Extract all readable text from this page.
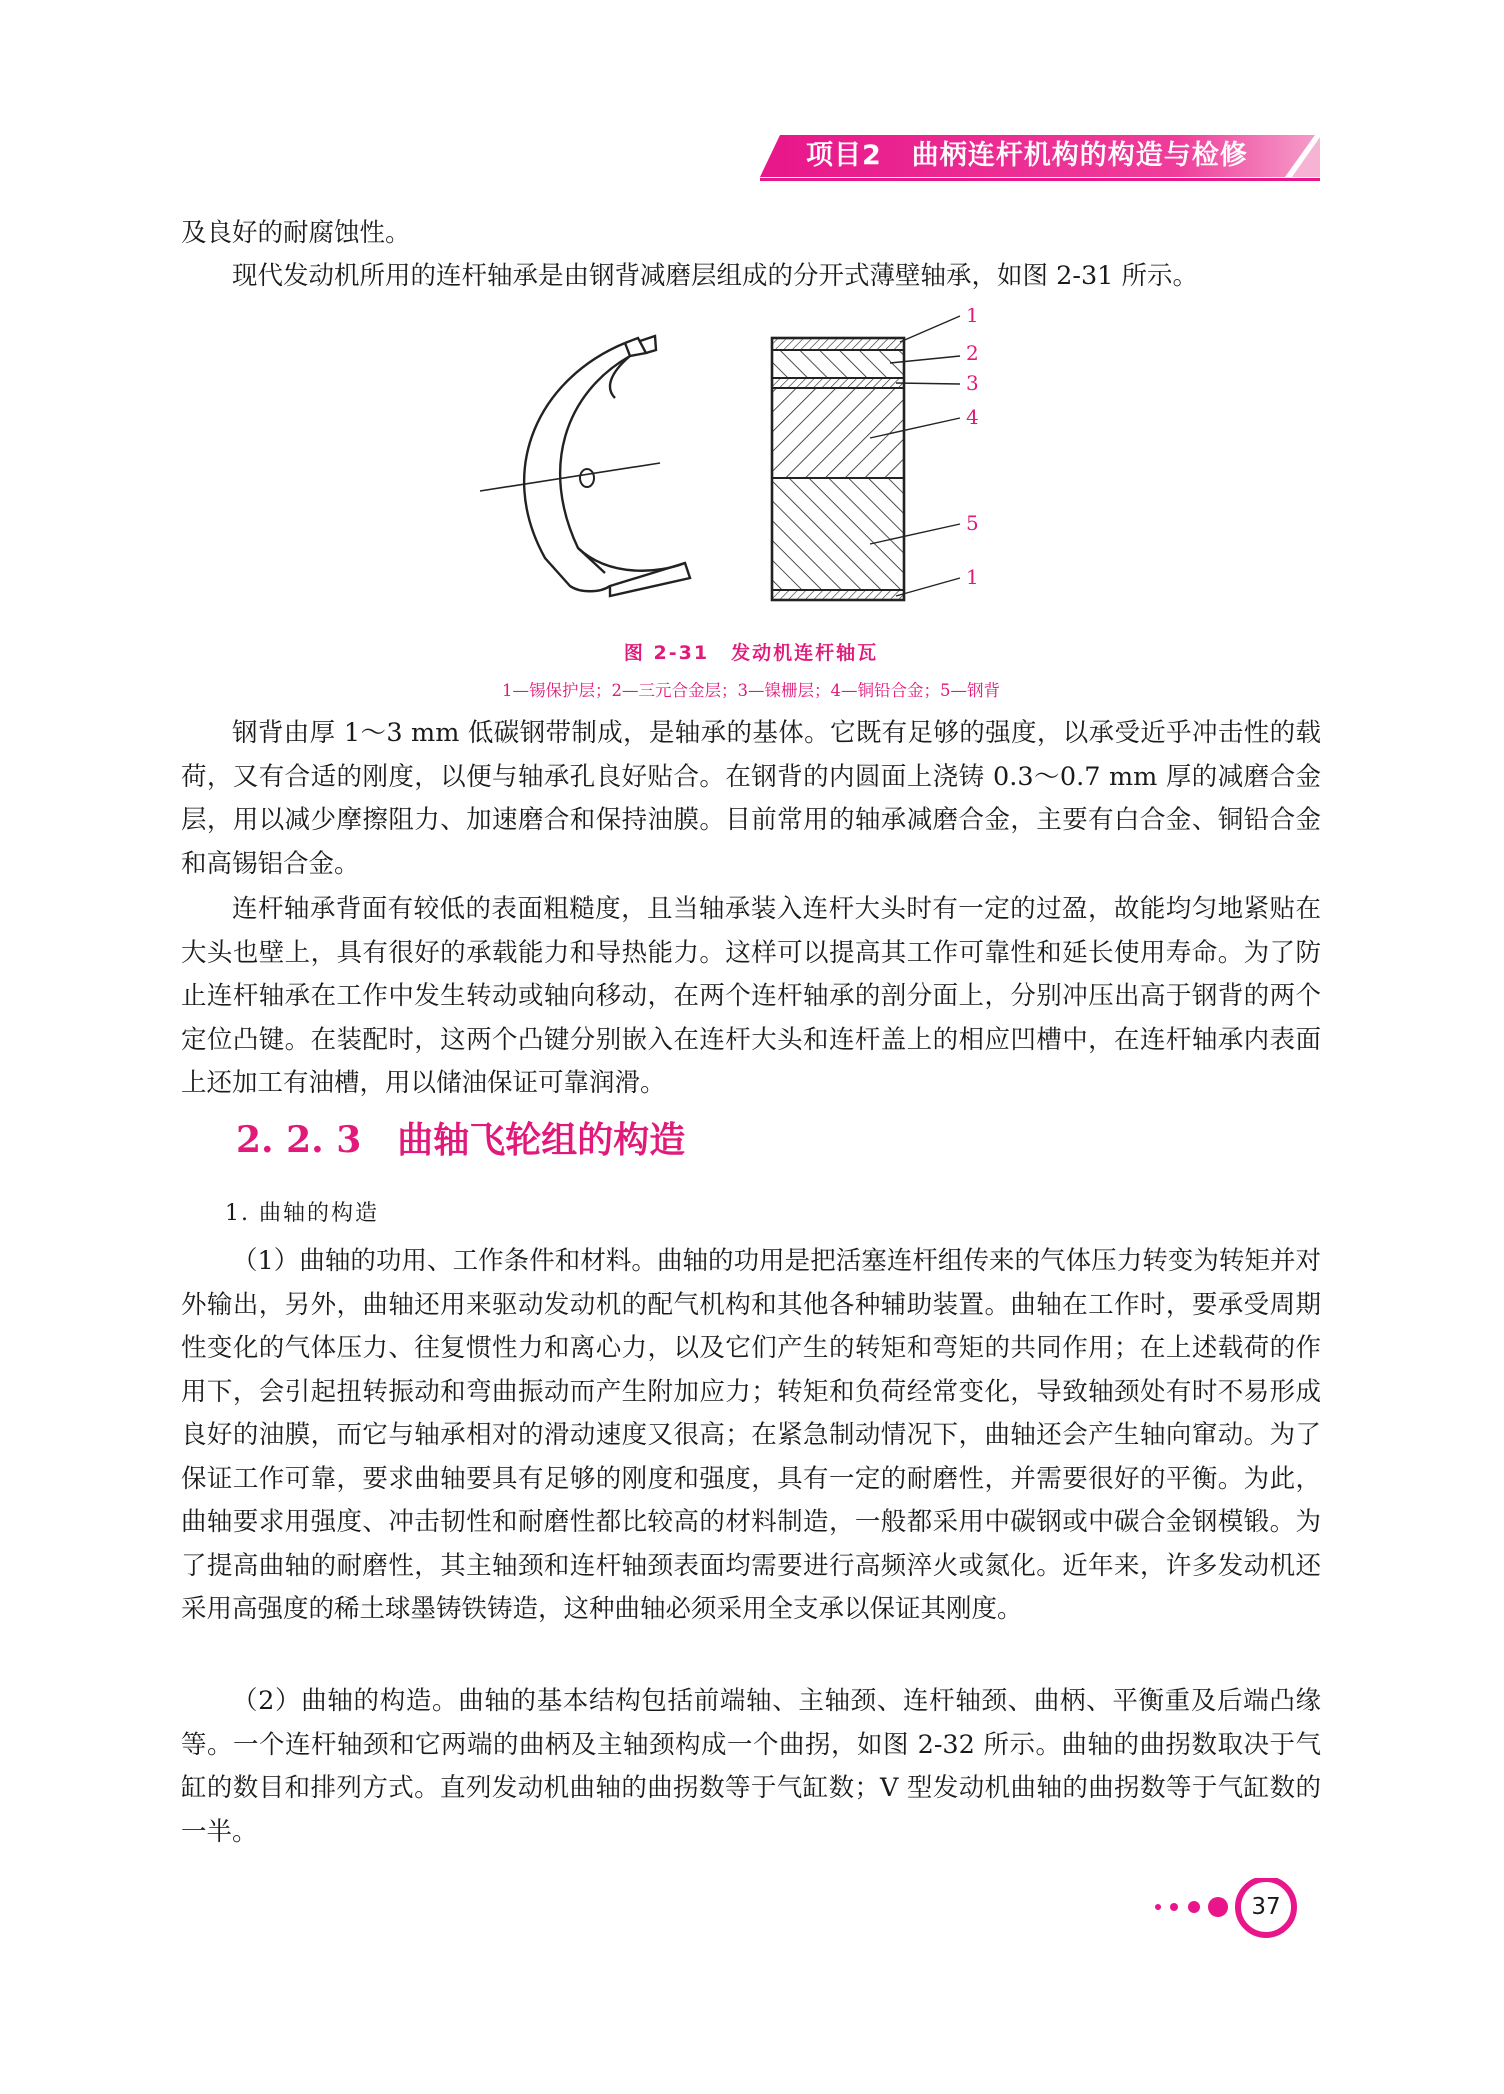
项目2 曲柄连杆机构的构造与检修

及良好的耐腐蚀性。

现代发动机所用的连杆轴承是由钢背减磨层组成的分开式薄壁轴承，如图 2-31 所示。

1
2
3
4
5
1
图 2-31 发动机连杆轴瓦
1—锡保护层；2—三元合金层；3—镍栅层；4—铜铅合金；5—钢背

钢背由厚 1～3 mm 低碳钢带制成，是轴承的基体。它既有足够的强度，以承受近乎冲击性的载荷，又有合适的刚度，以便与轴承孔良好贴合。在钢背的内圆面上浇铸 0.3～0.7 mm 厚的减磨合金层，用以减少摩擦阻力、加速磨合和保持油膜。目前常用的轴承减磨合金，主要有白合金、铜铅合金和高锡铝合金。

连杆轴承背面有较低的表面粗糙度，且当轴承装入连杆大头时有一定的过盈，故能均匀地紧贴在大头也壁上，具有很好的承载能力和导热能力。这样可以提高其工作可靠性和延长使用寿命。为了防止连杆轴承在工作中发生转动或轴向移动，在两个连杆轴承的剖分面上，分别冲压出高于钢背的两个定位凸键。在装配时，这两个凸键分别嵌入在连杆大头和连杆盖上的相应凹槽中，在连杆轴承内表面上还加工有油槽，用以储油保证可靠润滑。

2. 2. 3 曲轴飞轮组的构造
1. 曲轴的构造

（1）曲轴的功用、工作条件和材料。曲轴的功用是把活塞连杆组传来的气体压力转变为转矩并对外输出，另外，曲轴还用来驱动发动机的配气机构和其他各种辅助装置。曲轴在工作时，要承受周期性变化的气体压力、往复惯性力和离心力，以及它们产生的转矩和弯矩的共同作用；在上述载荷的作用下，会引起扭转振动和弯曲振动而产生附加应力；转矩和负荷经常变化，导致轴颈处有时不易形成良好的油膜，而它与轴承相对的滑动速度又很高；在紧急制动情况下，曲轴还会产生轴向窜动。为了保证工作可靠，要求曲轴要具有足够的刚度和强度，具有一定的耐磨性，并需要很好的平衡。为此，曲轴要求用强度、冲击韧性和耐磨性都比较高的材料制造，一般都采用中碳钢或中碳合金钢模锻。为了提高曲轴的耐磨性，其主轴颈和连杆轴颈表面均需要进行高频淬火或氮化。近年来，许多发动机还采用高强度的稀土球墨铸铁铸造，这种曲轴必须采用全支承以保证其刚度。

（2）曲轴的构造。曲轴的基本结构包括前端轴、主轴颈、连杆轴颈、曲柄、平衡重及后端凸缘等。一个连杆轴颈和它两端的曲柄及主轴颈构成一个曲拐，如图 2-32 所示。曲轴的曲拐数取决于气缸的数目和排列方式。直列发动机曲轴的曲拐数等于气缸数；V 型发动机曲轴的曲拐数等于气缸数的一半。

37
